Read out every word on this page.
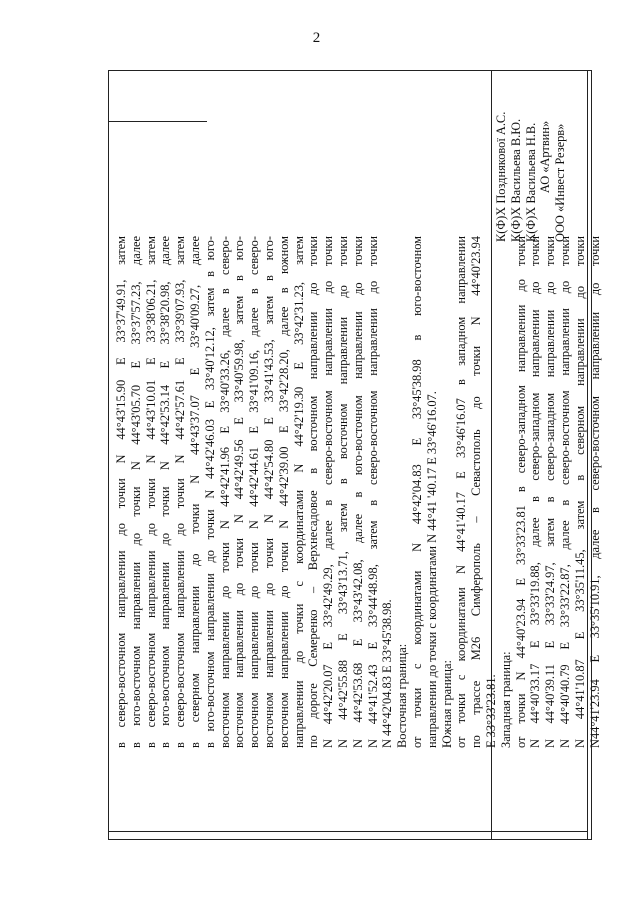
2
в северо-восточном направлении до точки N 44°43'15.90 E 33°37'49.91, затем в юго-восточном направлении до точки N 44°43'05.70 E 33°37'57.23, далее в северо-восточном направлении до точки N 44°43'10.01 E 33°38'06.21, затем в юго-восточном направлении до точки N 44°42'53.14 E 33°38'20.98, далее в северо-восточном направлении до точки N 44°42'57.61 E 33°39'07.93, затем в северном направлении до точки N 44°43'37.07 E 33°40'09.27, далее в юго-восточном направлении до точки N 44°42'46.03 E 33°40'12.12, затем в юго- восточном направлении до точки N 44°42'41.96 E 33°40'33.26, далее в северо- восточном направлении до точки N 44°42'49.56 E 33°40'59.98, затем в юго- восточном направлении до точки N 44°42'44.61 E 33°41'09.16, далее в северо- восточном направлении до точки N 44°42'54.80 E 33°41'43.53, затем в юго- восточном направлении до точки N 44°42'39.00 E 33°42'28.20, далее в южном направлении до точки с координатами N 44°42'19.30 E 33°42'31.23, затем по дороге Семеренко – Верхнесадовое в восточном направлении до точки N 44°42'20.07 E 33°42'49.29, далее в северо-восточном направлении до точки N 44°42'55.88 E 33°43'13.71, затем в восточном направлении до точки N 44°42'53.68 E 33°43'42.08, далее в юго-восточном направлении до точки N 44°41'52.43 E 33°44'48.98, затем в северо-восточном направлении до точки N 44°42'04.83 E 33°45'38.98. Восточная граница: от точки с координатами N 44°42'04.83 E 33°45'38.98 в юго-восточном направлении до точки с координатами N 44°41 '40.17 E 33°46'16.07. Южная граница: от точки с координатами N 44°41'40.17 E 33°46'16.07 в западном направлении по трассе М26 Симферополь – Севастополь до точки N 44°40'23.94 E 33°33'23.81. Западная граница: от точки N 44°40'23.94 E 33°33'23.81 в северо-западном направлении до точки N 44°40'33.17 E 33°33'19.88, далее в северо-западном направлении до точки N 44°40'39.11 E 33°33'24.97, затем в северо-западном направлении до точки N 44°40'40.79 E 33°33'22.87, далее в северо-восточном направлении до точки N 44°41'10.87 E 33°35'11.45, затем в северном направлении до точки N44°41'23.94 E 33°35'10.91, далее в северо-восточном направлении до точки
К(Ф)Х Позднякової А.С. К(Ф)Х Васильева В.Ю. К(Ф)Х Васильева Н.В. АО «Артвин» ООО «Инвест Резерв»
